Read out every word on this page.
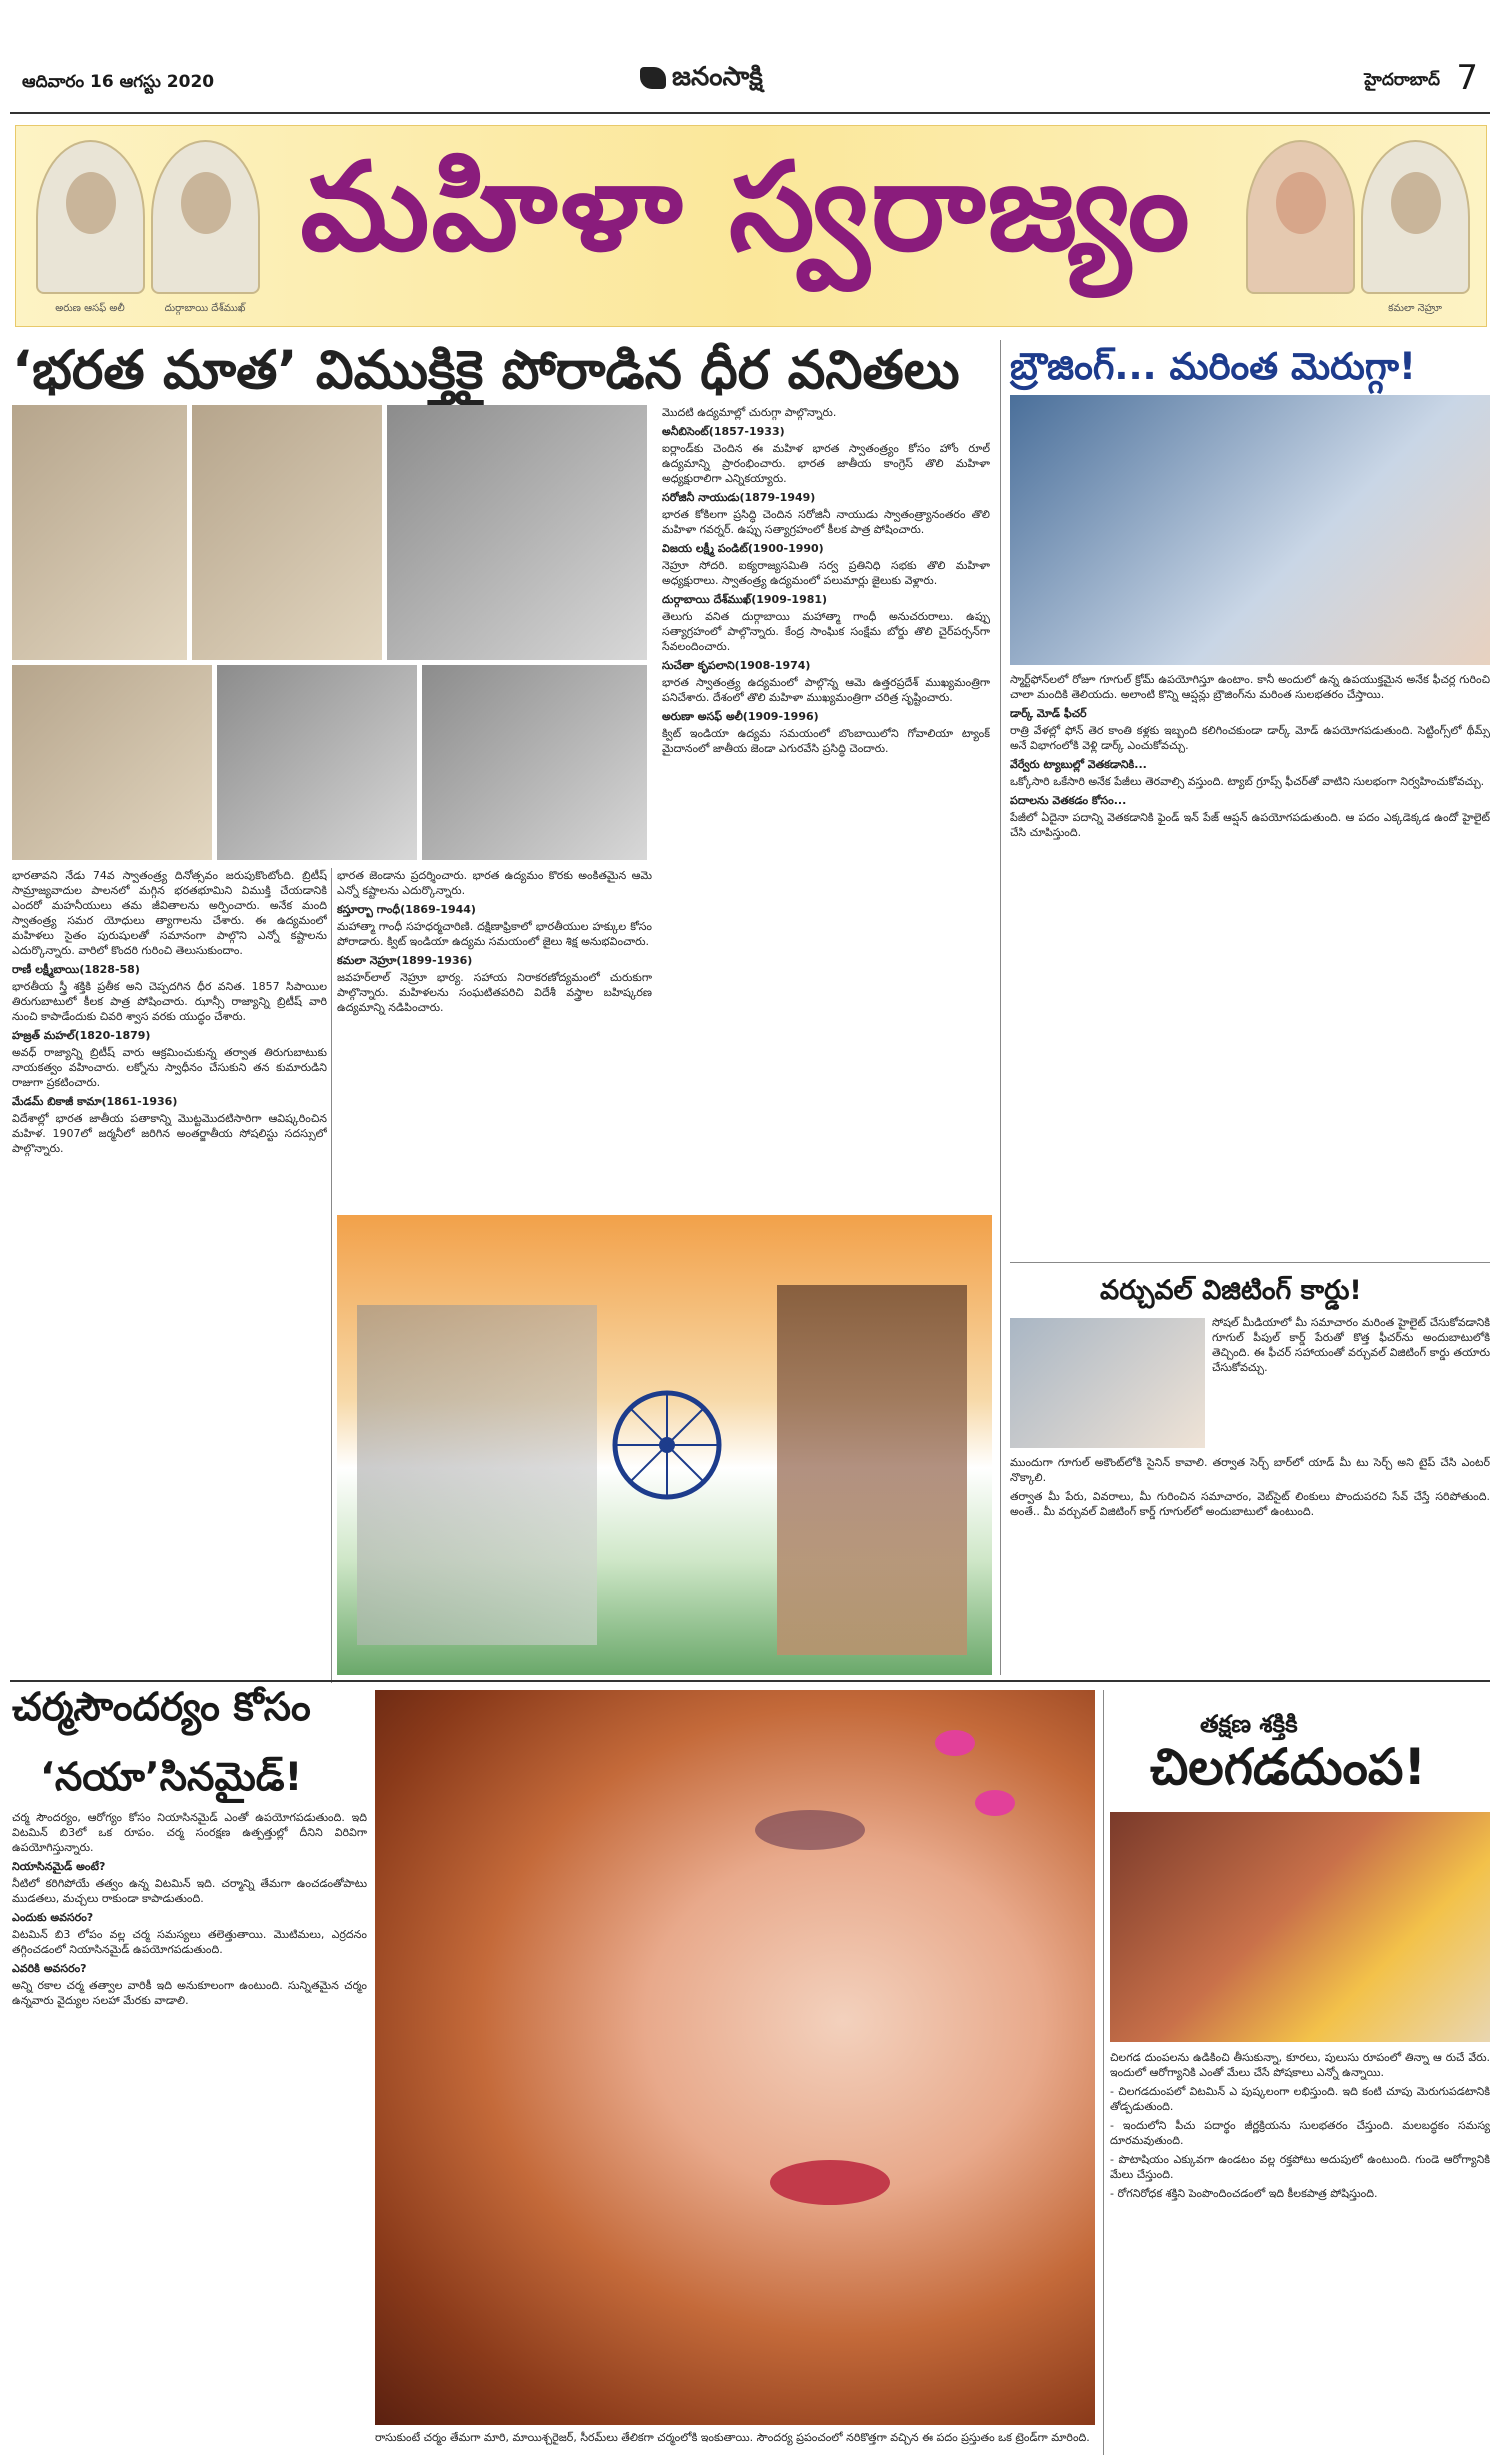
ఆదివారం 16 ఆగస్టు 2020	జనంసాక్షి	హైదరాబాద్ 7
అరుణ ఆసఫ్ అలీ	దుర్గాబాయి దేశ్‌ముఖ్
మహిళా స్వరాజ్యం
కమలా నెహ్రూ
‘భరత మాత’ విముక్తికై పోరాడిన ధీర వనితలు	బ్రౌజింగ్... మరింత మెరుగ్గా!

భారతావని నేడు 74వ స్వాతంత్ర్య దినోత్సవం జరుపుకొంటోంది. బ్రిటీష్ సామ్రాజ్యవాదుల పాలనలో మగ్గిన భరతభూమిని విముక్తి చేయడానికి ఎందరో మహనీయులు తమ జీవితాలను అర్పించారు. అనేక మంది స్వాతంత్ర్య సమర యోధులు త్యాగాలను చేశారు. ఈ ఉద్యమంలో మహిళలు సైతం పురుషులతో సమానంగా పాల్గొని ఎన్నో కష్టాలను ఎదుర్కొన్నారు. వారిలో కొందరి గురించి తెలుసుకుందాం.

రాణీ లక్ష్మీబాయి(1828-58)

భారతీయ స్త్రీ శక్తికి ప్రతీక అని చెప్పదగిన ధీర వనిత. 1857 సిపాయిల తిరుగుబాటులో కీలక పాత్ర పోషించారు. ఝాన్సీ రాజ్యాన్ని బ్రిటీష్ వారి నుంచి కాపాడేందుకు చివరి శ్వాస వరకు యుద్ధం చేశారు.

హజ్రత్ మహల్(1820-1879)

అవధ్ రాజ్యాన్ని బ్రిటీష్ వారు ఆక్రమించుకున్న తర్వాత తిరుగుబాటుకు నాయకత్వం వహించారు. లక్నోను స్వాధీనం చేసుకుని తన కుమారుడిని రాజుగా ప్రకటించారు.

మేడమ్ బికాజీ కామా(1861-1936)

విదేశాల్లో భారత జాతీయ పతాకాన్ని మొట్టమొదటిసారిగా ఆవిష్కరించిన మహిళ. 1907లో జర్మనీలో జరిగిన అంతర్జాతీయ సోషలిస్టు సదస్సులో పాల్గొన్నారు.

భారత జెండాను ప్రదర్శించారు. భారత ఉద్యమం కొరకు అంకితమైన ఆమె ఎన్నో కష్టాలను ఎదుర్కొన్నారు.

కస్తూర్బా గాంధీ(1869-1944)

మహాత్మా గాంధీ సహధర్మచారిణి. దక్షిణాఫ్రికాలో భారతీయుల హక్కుల కోసం పోరాడారు. క్విట్ ఇండియా ఉద్యమ సమయంలో జైలు శిక్ష అనుభవించారు.

కమలా నెహ్రూ(1899-1936)

జవహర్‌లాల్ నెహ్రూ భార్య. సహాయ నిరాకరణోద్యమంలో చురుకుగా పాల్గొన్నారు. మహిళలను సంఘటితపరిచి విదేశీ వస్త్రాల బహిష్కరణ ఉద్యమాన్ని నడిపించారు.

మొదటి ఉద్యమాల్లో చురుగ్గా పాల్గొన్నారు.

అనీబిసెంట్(1857-1933)

ఐర్లాండ్‌కు చెందిన ఈ మహిళ భారత స్వాతంత్ర్యం కోసం హోం రూల్ ఉద్యమాన్ని ప్రారంభించారు. భారత జాతీయ కాంగ్రెస్ తొలి మహిళా అధ్యక్షురాలిగా ఎన్నికయ్యారు.

సరోజినీ నాయుడు(1879-1949)

భారత కోకిలగా ప్రసిద్ధి చెందిన సరోజినీ నాయుడు స్వాతంత్ర్యానంతరం తొలి మహిళా గవర్నర్. ఉప్పు సత్యాగ్రహంలో కీలక పాత్ర పోషించారు.

విజయ లక్ష్మీ పండిట్(1900-1990)

నెహ్రూ సోదరి. ఐక్యరాజ్యసమితి సర్వ ప్రతినిధి సభకు తొలి మహిళా అధ్యక్షురాలు. స్వాతంత్ర్య ఉద్యమంలో పలుమార్లు జైలుకు వెళ్లారు.

దుర్గాబాయి దేశ్‌ముఖ్(1909-1981)

తెలుగు వనిత దుర్గాబాయి మహాత్మా గాంధీ అనుచరురాలు. ఉప్పు సత్యాగ్రహంలో పాల్గొన్నారు. కేంద్ర సాంఘిక సంక్షేమ బోర్డు తొలి చైర్‌పర్సన్‌గా సేవలందించారు.

సుచేతా కృపలాని(1908-1974)

భారత స్వాతంత్ర్య ఉద్యమంలో పాల్గొన్న ఆమె ఉత్తరప్రదేశ్ ముఖ్యమంత్రిగా పనిచేశారు. దేశంలో తొలి మహిళా ముఖ్యమంత్రిగా చరిత్ర సృష్టించారు.

అరుణా అసఫ్ అలీ(1909-1996)

క్విట్ ఇండియా ఉద్యమ సమయంలో బొంబాయిలోని గోవాలియా ట్యాంక్ మైదానంలో జాతీయ జెండా ఎగురవేసి ప్రసిద్ధి చెందారు.

స్మార్ట్‌ఫోన్‌లలో రోజూ గూగుల్ క్రోమ్ ఉపయోగిస్తూ ఉంటాం. కానీ అందులో ఉన్న ఉపయుక్తమైన అనేక ఫీచర్ల గురించి చాలా మందికి తెలియదు. అలాంటి కొన్ని ఆప్షన్లు బ్రౌజింగ్‌ను మరింత సులభతరం చేస్తాయి.

డార్క్ మోడ్ ఫీచర్

రాత్రి వేళల్లో ఫోన్ తెర కాంతి కళ్లకు ఇబ్బంది కలిగించకుండా డార్క్ మోడ్ ఉపయోగపడుతుంది. సెట్టింగ్స్‌లో థీమ్స్ అనే విభాగంలోకి వెళ్లి డార్క్ ఎంచుకోవచ్చు.

వేర్వేరు ట్యాబుల్లో వెతకడానికి...

ఒక్కోసారి ఒకేసారి అనేక పేజీలు తెరవాల్సి వస్తుంది. ట్యాబ్ గ్రూప్స్ ఫీచర్‌తో వాటిని సులభంగా నిర్వహించుకోవచ్చు.

పదాలను వెతకడం కోసం...

పేజీలో ఏదైనా పదాన్ని వెతకడానికి ఫైండ్ ఇన్ పేజ్ ఆప్షన్ ఉపయోగపడుతుంది. ఆ పదం ఎక్కడెక్కడ ఉందో హైలైట్ చేసి చూపిస్తుంది.

వర్చువల్ విజిటింగ్ కార్డు!

సోషల్ మీడియాలో మీ సమాచారం మరింత హైలైట్ చేసుకోవడానికి గూగుల్ పీపుల్ కార్డ్ పేరుతో కొత్త ఫీచర్‌ను అందుబాటులోకి తెచ్చింది. ఈ ఫీచర్ సహాయంతో వర్చువల్ విజిటింగ్ కార్డు తయారు చేసుకోవచ్చు.

ముందుగా గూగుల్ అకౌంట్‌లోకి సైనిన్ కావాలి. తర్వాత సెర్చ్ బార్‌లో యాడ్ మీ టు సెర్చ్ అని టైప్ చేసి ఎంటర్ నొక్కాలి.

తర్వాత మీ పేరు, వివరాలు, మీ గురించిన సమాచారం, వెబ్‌సైట్ లింకులు పొందుపరచి సేవ్ చేస్తే సరిపోతుంది. అంతే.. మీ వర్చువల్ విజిటింగ్ కార్డ్ గూగుల్‌లో అందుబాటులో ఉంటుంది.

చర్మసౌందర్యం కోసం
‘నయా’సినమైడ్!

చర్మ సౌందర్యం, ఆరోగ్యం కోసం నియాసినమైడ్ ఎంతో ఉపయోగపడుతుంది. ఇది విటమిన్ బి3లో ఒక రూపం. చర్మ సంరక్షణ ఉత్పత్తుల్లో దీనిని విరివిగా ఉపయోగిస్తున్నారు.

నియాసినమైడ్ అంటే?

నీటిలో కరిగిపోయే తత్వం ఉన్న విటమిన్ ఇది. చర్మాన్ని తేమగా ఉంచడంతోపాటు ముడతలు, మచ్చలు రాకుండా కాపాడుతుంది.

ఎందుకు అవసరం?

విటమిన్ బి3 లోపం వల్ల చర్మ సమస్యలు తలెత్తుతాయి. మొటిమలు, ఎర్రదనం తగ్గించడంలో నియాసినమైడ్ ఉపయోగపడుతుంది.

ఎవరికి అవసరం?

అన్ని రకాల చర్మ తత్వాల వారికీ ఇది అనుకూలంగా ఉంటుంది. సున్నితమైన చర్మం ఉన్నవారు వైద్యుల సలహా మేరకు వాడాలి.

రాసుకుంటే చర్మం తేమగా మారి, మాయిశ్చరైజర్, సీరమ్‌లు తేలికగా చర్మంలోకి ఇంకుతాయి. సౌందర్య ప్రపంచంలో నరికొత్తగా వచ్చిన ఈ పదం ప్రస్తుతం ఒక ట్రెండ్‌గా మారింది.

తక్షణ శక్తికి
చిలగడదుంప!

చిలగడ దుంపలను ఉడికించి తీసుకున్నా, కూరలు, పులుసు రూపంలో తిన్నా ఆ రుచే వేరు. ఇందులో ఆరోగ్యానికి ఎంతో మేలు చేసే పోషకాలు ఎన్నో ఉన్నాయి.

- చిలగడదుంపలో విటమిన్ ఎ పుష్కలంగా లభిస్తుంది. ఇది కంటి చూపు మెరుగుపడటానికి తోడ్పడుతుంది.

- ఇందులోని పీచు పదార్థం జీర్ణక్రియను సులభతరం చేస్తుంది. మలబద్ధకం సమస్య దూరమవుతుంది.

- పొటాషియం ఎక్కువగా ఉండటం వల్ల రక్తపోటు అదుపులో ఉంటుంది. గుండె ఆరోగ్యానికి మేలు చేస్తుంది.

- రోగనిరోధక శక్తిని పెంపొందించడంలో ఇది కీలకపాత్ర పోషిస్తుంది.
